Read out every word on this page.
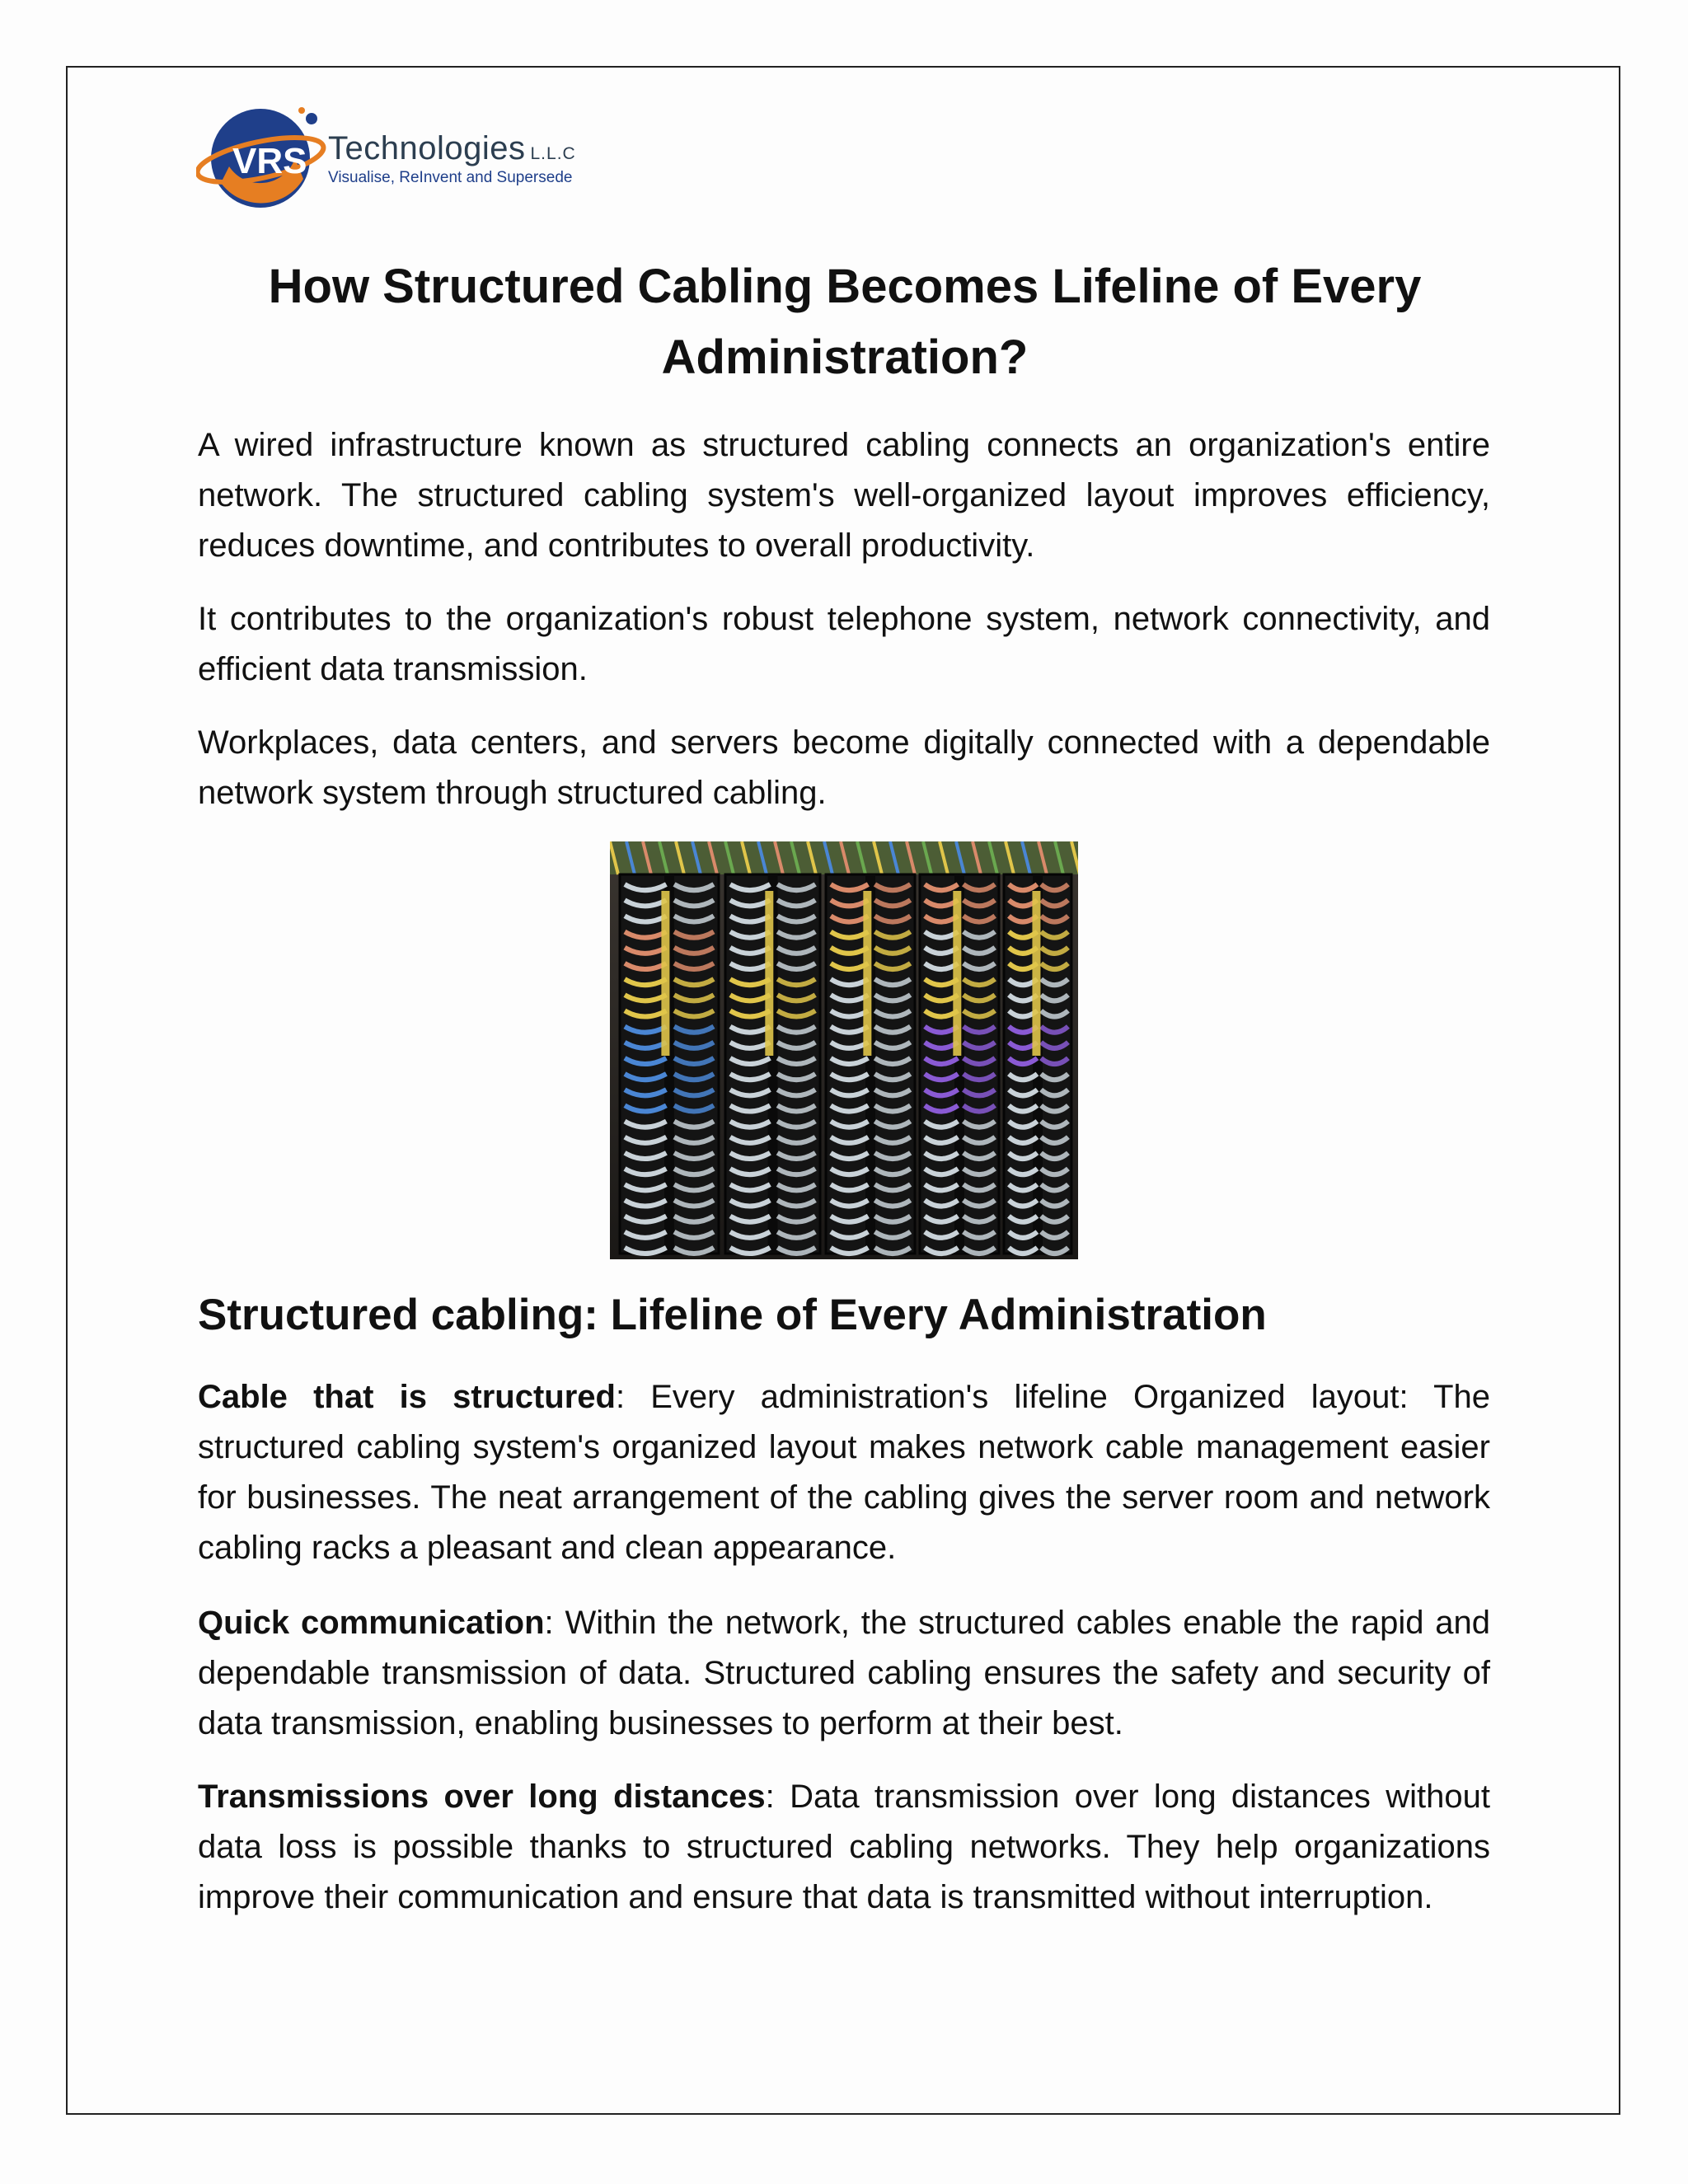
VRS Technologies L.L.C
Visualise, ReInvent and Supersede
How Structured Cabling Becomes Lifeline of Every Administration?

A wired infrastructure known as structured cabling connects an organization's entire network. The structured cabling system's well-organized layout improves efficiency, reduces downtime, and contributes to overall productivity.

It contributes to the organization's robust telephone system, network connectivity, and efficient data transmission.

Workplaces, data centers, and servers become digitally connected with a dependable network system through structured cabling.

Structured cabling: Lifeline of Every Administration

Cable that is structured: Every administration's lifeline Organized layout: The structured cabling system's organized layout makes network cable management easier for businesses. The neat arrangement of the cabling gives the server room and network cabling racks a pleasant and clean appearance.

Quick communication: Within the network, the structured cables enable the rapid and dependable transmission of data. Structured cabling ensures the safety and security of data transmission, enabling businesses to perform at their best.

Transmissions over long distances: Data transmission over long distances without data loss is possible thanks to structured cabling networks. They help organizations improve their communication and ensure that data is transmitted without interruption.
